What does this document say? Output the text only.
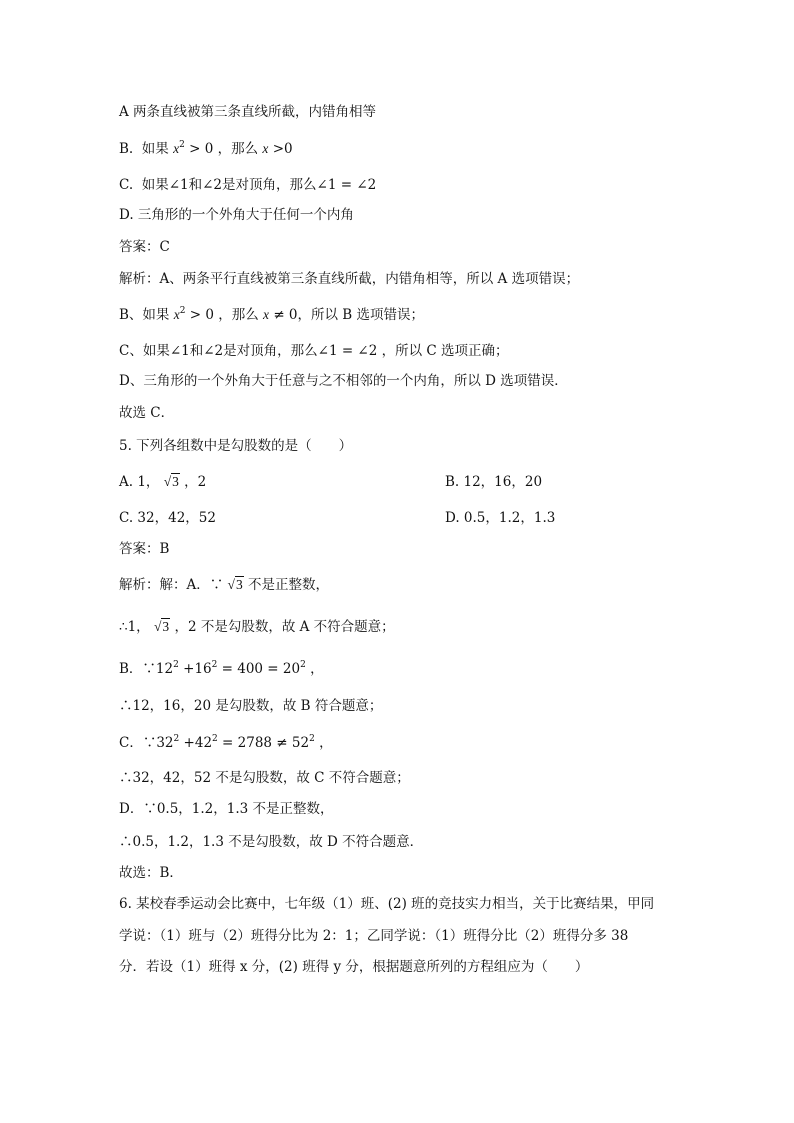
A 两条直线被第三条直线所截，内错角相等
B.  如果 $x^2 > 0$ ，那么 x >0
C.  如果∠1和∠2是对顶角，那么∠1 = ∠2
D. 三角形的一个外角大于任何一个内角
答案：C
解析：A、两条平行直线被第三条直线所截，内错角相等，所以 A 选项错误；
B、如果 $x^2 > 0$ ，那么 x ≠ 0，所以 B 选项错误；
C、如果∠1和∠2是对顶角，那么∠1 = ∠2 ，所以 C 选项正确；
D、三角形的一个外角大于任意与之不相邻的一个内角，所以 D 选项错误．
故选 C．
5. 下列各组数中是勾股数的是（　　）
A. 1， √3 ，2	B. 12，16，20
C. 32，42，52	D. 0.5，1.2，1.3
答案：B
解析：解：A．∵ √3 不是正整数，
∴1， √3 ，2 不是勾股数，故 A 不符合题意；
B．$\because 12^2 +16^2 = 400 = 20^2$ ，
∴12，16，20 是勾股数，故 B 符合题意；
C．$\because 32^2 +42^2 = 2788 \ne 52^2$ ，
∴32，42，52 不是勾股数，故 C 不符合题意；
D．∵0.5，1.2，1.3 不是正整数，
∴0.5，1.2，1.3 不是勾股数，故 D 不符合题意．
故选：B．
6. 某校春季运动会比赛中，七年级（1）班、(2) 班的竞技实力相当，关于比赛结果，甲同
学说：（1）班与（2）班得分比为 2：1；乙同学说：（1）班得分比（2）班得分多 38
分．若设（1）班得 x 分，(2) 班得 y 分，根据题意所列的方程组应为（　　）
